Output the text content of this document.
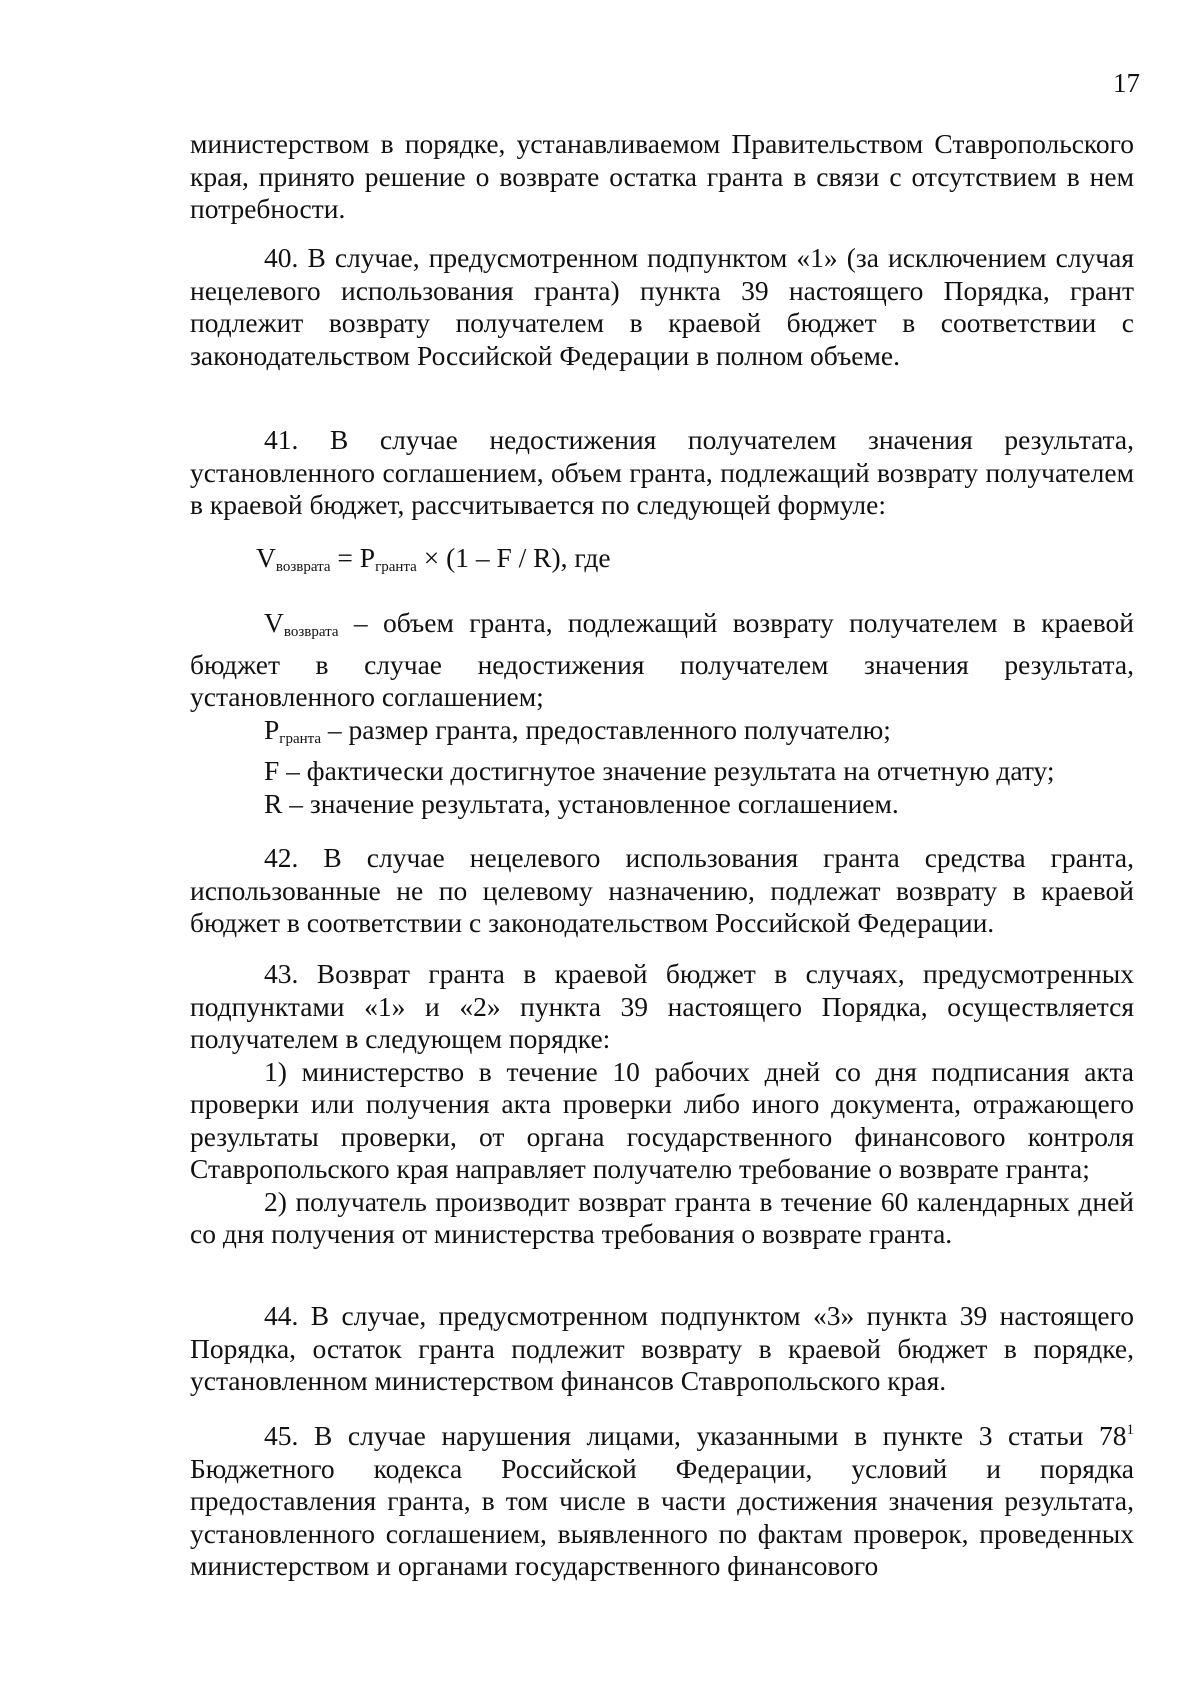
17

министерством в порядке, устанавливаемом Правительством Ставропольского края, принято решение о возврате остатка гранта в связи с отсутствием в нем потребности.

40. В случае, предусмотренном подпунктом «1» (за исключением случая нецелевого использования гранта) пункта 39 настоящего Порядка, грант подлежит возврату получателем в краевой бюджет в соответствии с законодательством Российской Федерации в полном объеме.

41. В случае недостижения получателем значения результата, установленного соглашением, объем гранта, подлежащий возврату получателем в краевой бюджет, рассчитывается по следующей формуле:

$V_{возврата} = P_{гранта} \times (1 - F / R)$, где

$V_{возврата}$ – объем гранта, подлежащий возврату получателем в краевой бюджет в случае недостижения получателем значения результата, установленного соглашением;

$P_{гранта}$ – размер гранта, предоставленного получателю;

F – фактически достигнутое значение результата на отчетную дату;

R – значение результата, установленное соглашением.

42. В случае нецелевого использования гранта средства гранта, использованные не по целевому назначению, подлежат возврату в краевой бюджет в соответствии с законодательством Российской Федерации.

43. Возврат гранта в краевой бюджет в случаях, предусмотренных подпунктами «1» и «2» пункта 39 настоящего Порядка, осуществляется получателем в следующем порядке:

1) министерство в течение 10 рабочих дней со дня подписания акта проверки или получения акта проверки либо иного документа, отражающего результаты проверки, от органа государственного финансового контроля Ставропольского края направляет получателю требование о возврате гранта;

2) получатель производит возврат гранта в течение 60 календарных дней со дня получения от министерства требования о возврате гранта.

44. В случае, предусмотренном подпунктом «3» пункта 39 настоящего Порядка, остаток гранта подлежит возврату в краевой бюджет в порядке, установленном министерством финансов Ставропольского края.

45. В случае нарушения лицами, указанными в пункте 3 статьи $78^1$ Бюджетного кодекса Российской Федерации, условий и порядка предоставления гранта, в том числе в части достижения значения результата, установленного соглашением, выявленного по фактам проверок, проведенных министерством и органами государственного финансового
